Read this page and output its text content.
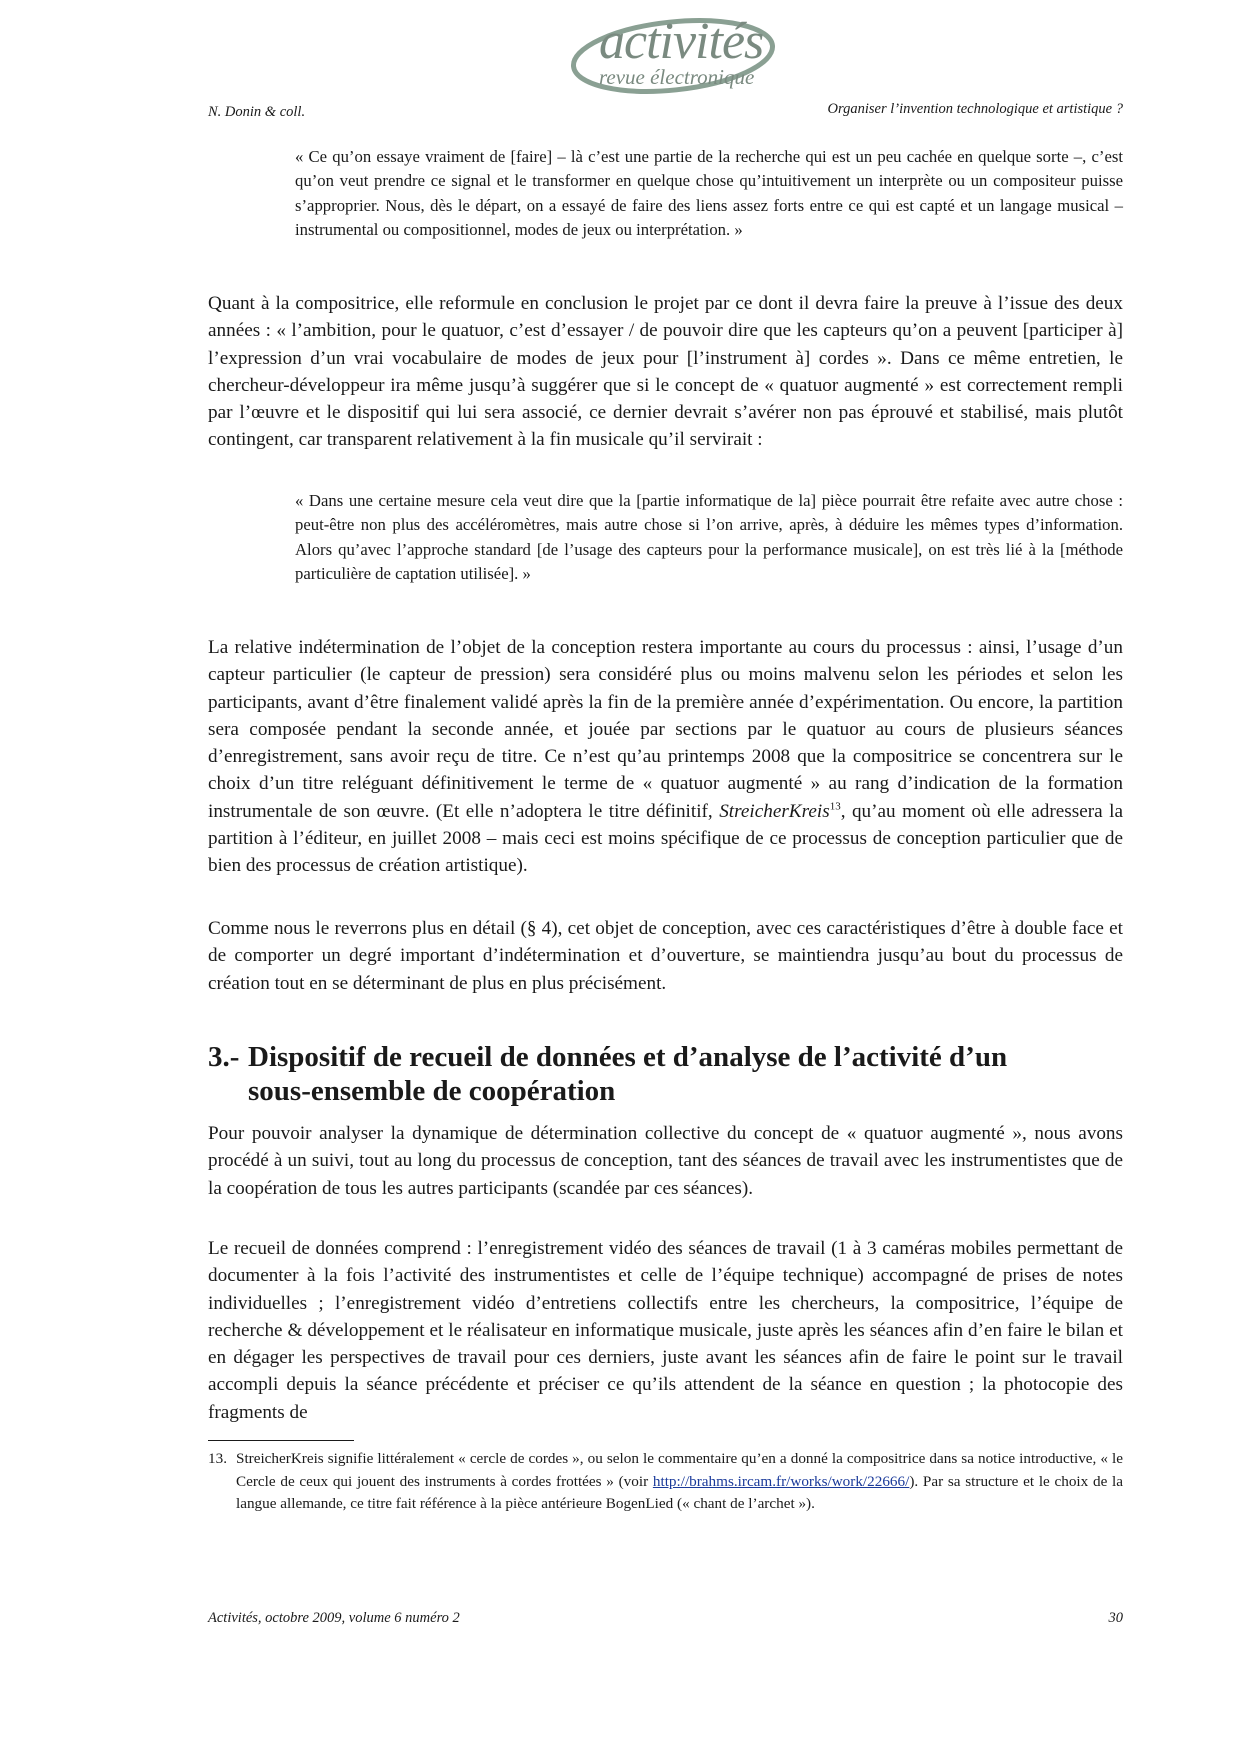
N. Donin & coll.
activités
revue électronique
Organiser l’invention technologique et artistique ?

« Ce qu’on essaye vraiment de [faire] – là c’est une partie de la recherche qui est un peu cachée en quelque sorte –, c’est qu’on veut prendre ce signal et le transformer en quelque chose qu’intuitivement un interprète ou un compositeur puisse s’approprier. Nous, dès le départ, on a essayé de faire des liens assez forts entre ce qui est capté et un langage musical – instrumental ou compositionnel, modes de jeux ou interprétation. »

Quant à la compositrice, elle reformule en conclusion le projet par ce dont il devra faire la preuve à l’issue des deux années : « l’ambition, pour le quatuor, c’est d’essayer / de pouvoir dire que les capteurs qu’on a peuvent [participer à] l’expression d’un vrai vocabulaire de modes de jeux pour [l’instrument à] cordes ». Dans ce même entretien, le chercheur-développeur ira même jusqu’à suggérer que si le concept de « quatuor augmenté » est correctement rempli par l’œuvre et le dispositif qui lui sera associé, ce dernier devrait s’avérer non pas éprouvé et stabilisé, mais plutôt contingent, car transparent relativement à la fin musicale qu’il servirait :

« Dans une certaine mesure cela veut dire que la [partie informatique de la] pièce pourrait être refaite avec autre chose : peut-être non plus des accéléromètres, mais autre chose si l’on arrive, après, à déduire les mêmes types d’information. Alors qu’avec l’approche standard [de l’usage des capteurs pour la performance musicale], on est très lié à la [méthode particulière de captation utilisée]. »

La relative indétermination de l’objet de la conception restera importante au cours du processus : ainsi, l’usage d’un capteur particulier (le capteur de pression) sera considéré plus ou moins malvenu selon les périodes et selon les participants, avant d’être finalement validé après la fin de la première année d’expérimentation. Ou encore, la partition sera composée pendant la seconde année, et jouée par sections par le quatuor au cours de plusieurs séances d’enregistrement, sans avoir reçu de titre. Ce n’est qu’au printemps 2008 que la compositrice se concentrera sur le choix d’un titre reléguant définitivement le terme de « quatuor augmenté » au rang d’indication de la formation instrumentale de son œuvre. (Et elle n’adoptera le titre définitif, StreicherKreis$^{13}$, qu’au moment où elle adressera la partition à l’éditeur, en juillet 2008 – mais ceci est moins spécifique de ce processus de conception particulier que de bien des processus de création artistique).

Comme nous le reverrons plus en détail (§ 4), cet objet de conception, avec ces caractéristiques d’être à double face et de comporter un degré important d’indétermination et d’ouverture, se maintiendra jusqu’au bout du processus de création tout en se déterminant de plus en plus précisément.

3.- Dispositif de recueil de données et d’analyse de l’activité d’un
sous-ensemble de coopération

Pour pouvoir analyser la dynamique de détermination collective du concept de « quatuor augmenté », nous avons procédé à un suivi, tout au long du processus de conception, tant des séances de travail avec les instrumentistes que de la coopération de tous les autres participants (scandée par ces séances).

Le recueil de données comprend : l’enregistrement vidéo des séances de travail (1 à 3 caméras mobiles permettant de documenter à la fois l’activité des instrumentistes et celle de l’équipe technique) accompagné de prises de notes individuelles ; l’enregistrement vidéo d’entretiens collectifs entre les chercheurs, la compositrice, l’équipe de recherche & développement et le réalisateur en informatique musicale, juste après les séances afin d’en faire le bilan et en dégager les perspectives de travail pour ces derniers, juste avant les séances afin de faire le point sur le travail accompli depuis la séance précédente et préciser ce qu’ils attendent de la séance en question ; la photocopie des fragments de

13. StreicherKreis signifie littéralement « cercle de cordes », ou selon le commentaire qu’en a donné la compositrice dans sa notice introductive, « le Cercle de ceux qui jouent des instruments à cordes frottées » (voir http://brahms.ircam.fr/works/work/22666/). Par sa structure et le choix de la langue allemande, ce titre fait référence à la pièce antérieure BogenLied (« chant de l’archet »).
Activités, octobre 2009, volume 6 numéro 2	30
